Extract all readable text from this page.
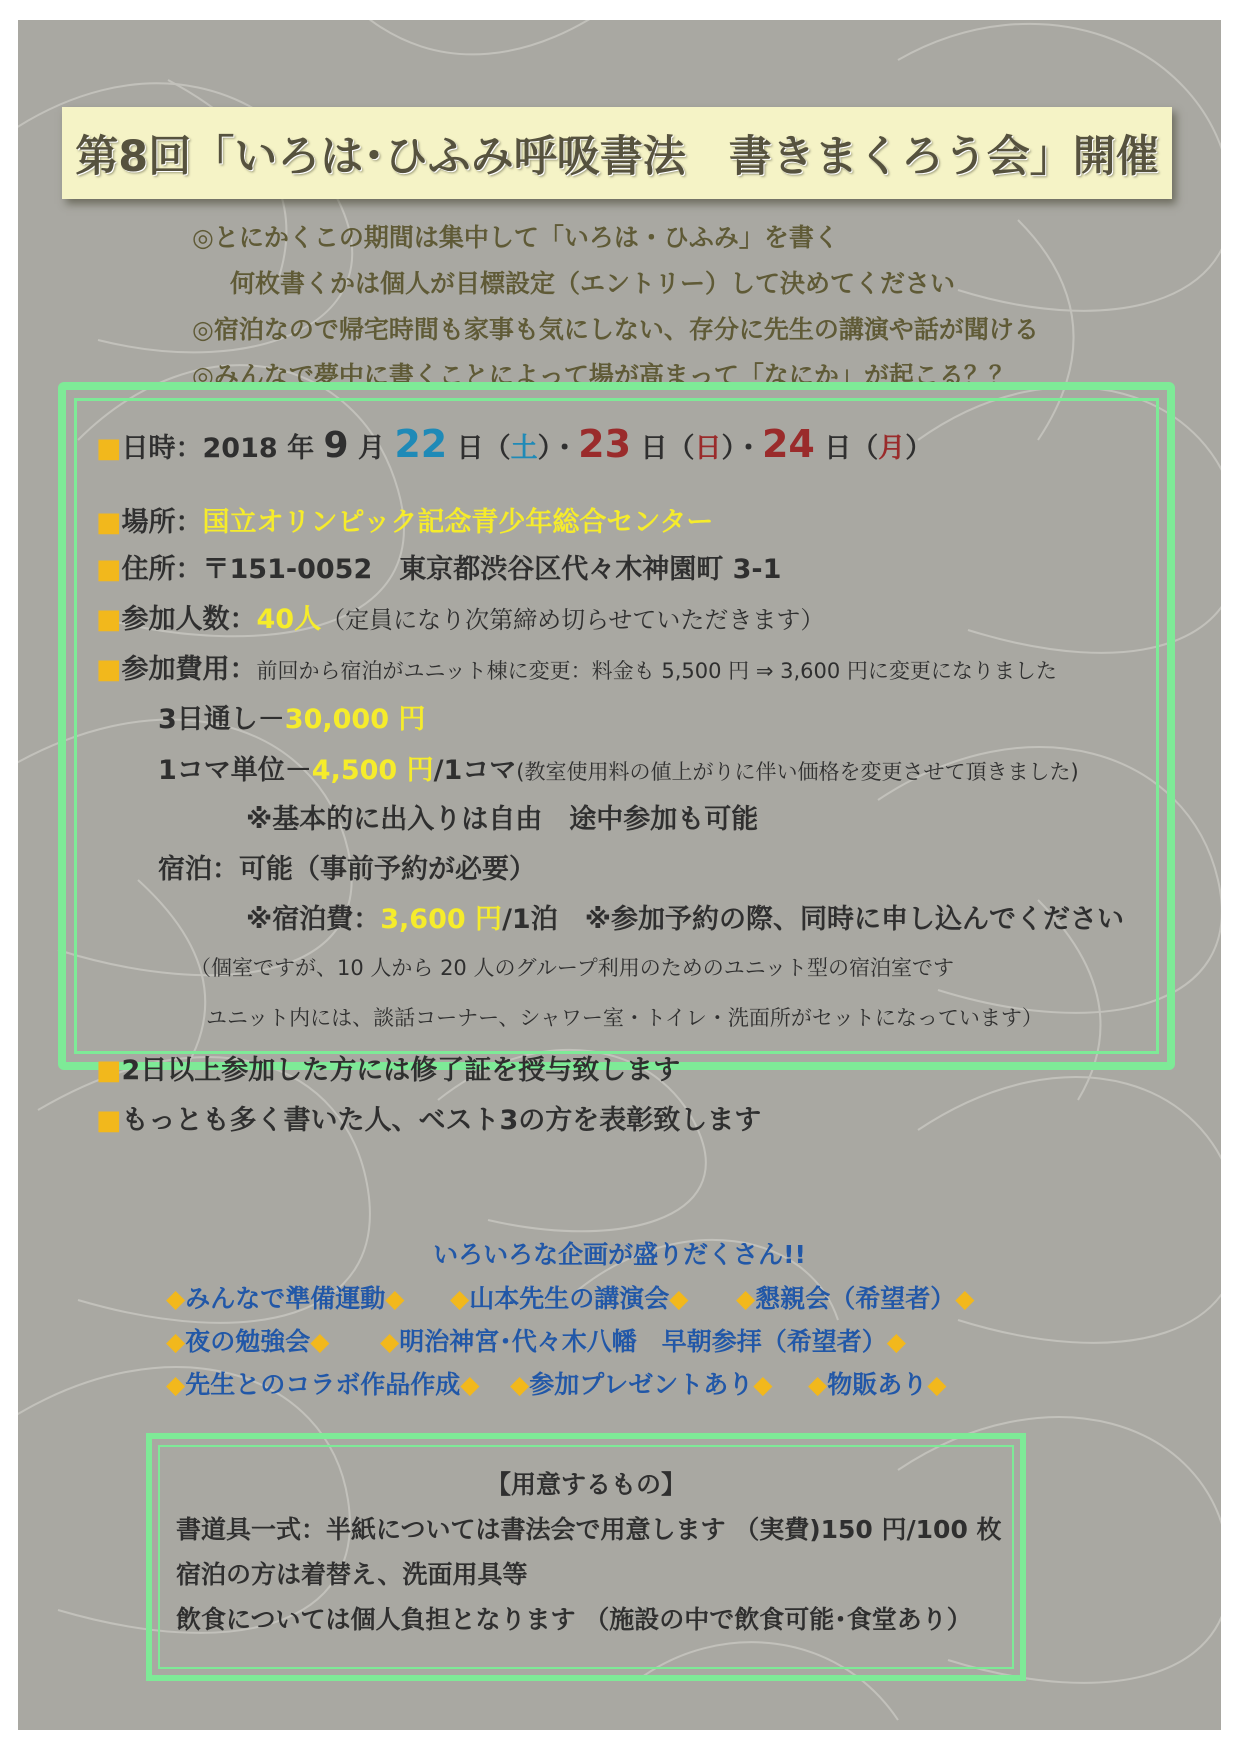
第8回「いろは･ひふみ呼吸書法　書きまくろう会」開催
◎とにかくこの期間は集中して「いろは・ひふみ」を書く
何枚書くかは個人が目標設定（エントリー）して決めてください
◎宿泊なので帰宅時間も家事も気にしない、存分に先生の講演や話が聞ける
◎みんなで夢中に書くことによって場が高まって「なにか」が起こる？？
■日時：2018 年 9 月 22 日（土）・23 日（日）・24 日（月）
■場所：国立オリンピック記念青少年総合センター
■住所：〒151-0052　東京都渋谷区代々木神園町 3-1
■参加人数：40人（定員になり次第締め切らせていただきます）
■参加費用：前回から宿泊がユニット棟に変更：料金も 5,500 円 ⇒ 3,600 円に変更になりました
3日通し－30,000 円
1コマ単位－4,500 円/1コマ(教室使用料の値上がりに伴い価格を変更させて頂きました)
※基本的に出入りは自由　途中参加も可能
宿泊：可能（事前予約が必要）
※宿泊費：3,600 円/1泊　※参加予約の際、同時に申し込んでください
（個室ですが、10 人から 20 人のグループ利用のためのユニット型の宿泊室です
ユニット内には、談話コーナー、シャワー室・トイレ・洗面所がセットになっています）
■2日以上参加した方には修了証を授与致します
■もっとも多く書いた人、ベスト3の方を表彰致します
いろいろな企画が盛りだくさん!!
◆みんなで準備運動◆ ◆山本先生の講演会◆ ◆懇親会（希望者）◆
◆夜の勉強会◆ ◆明治神宮･代々木八幡　早朝参拝（希望者）◆
◆先生とのコラボ作品作成◆ ◆参加プレゼントあり◆ ◆物販あり◆
【用意するもの】
書道具一式：半紙については書法会で用意します （実費)150 円/100 枚
宿泊の方は着替え、洗面用具等
飲食については個人負担となります （施設の中で飲食可能･食堂あり）
